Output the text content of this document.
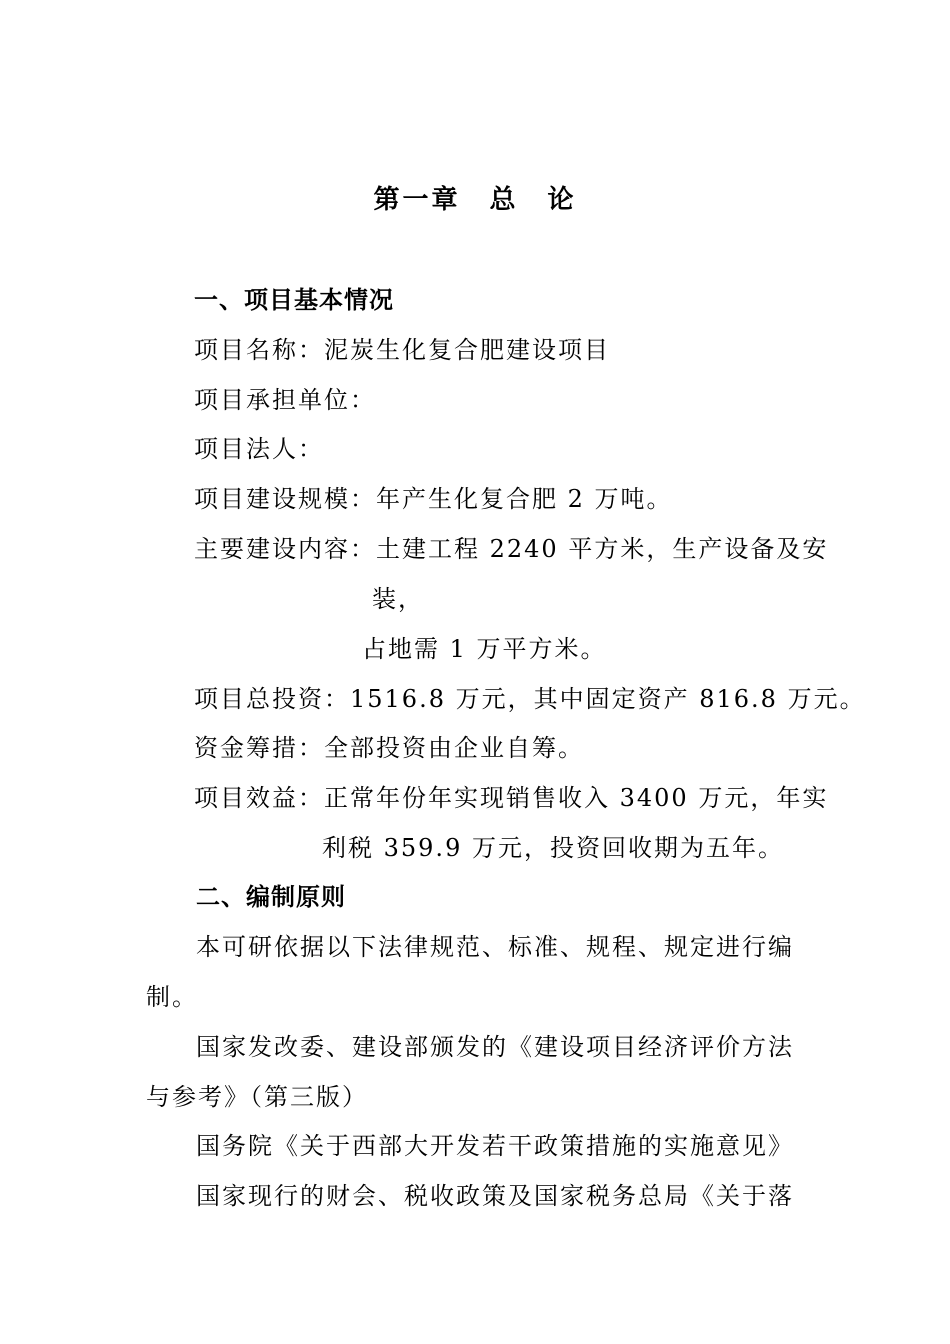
第一章　总　论
一、项目基本情况
项目名称：泥炭生化复合肥建设项目
项目承担单位：
项目法人：
项目建设规模：年产生化复合肥 2 万吨。
主要建设内容：土建工程 2240 平方米，生产设备及安
装，
占地需 1 万平方米。
项目总投资：1516.8 万元，其中固定资产 816.8 万元。
资金筹措：全部投资由企业自筹。
项目效益：正常年份年实现销售收入 3400 万元，年实
利税 359.9 万元，投资回收期为五年。
二、编制原则
本可研依据以下法律规范、标准、规程、规定进行编
制。
国家发改委、建设部颁发的《建设项目经济评价方法
与参考》（第三版）
国务院《关于西部大开发若干政策措施的实施意见》
国家现行的财会、税收政策及国家税务总局《关于落
